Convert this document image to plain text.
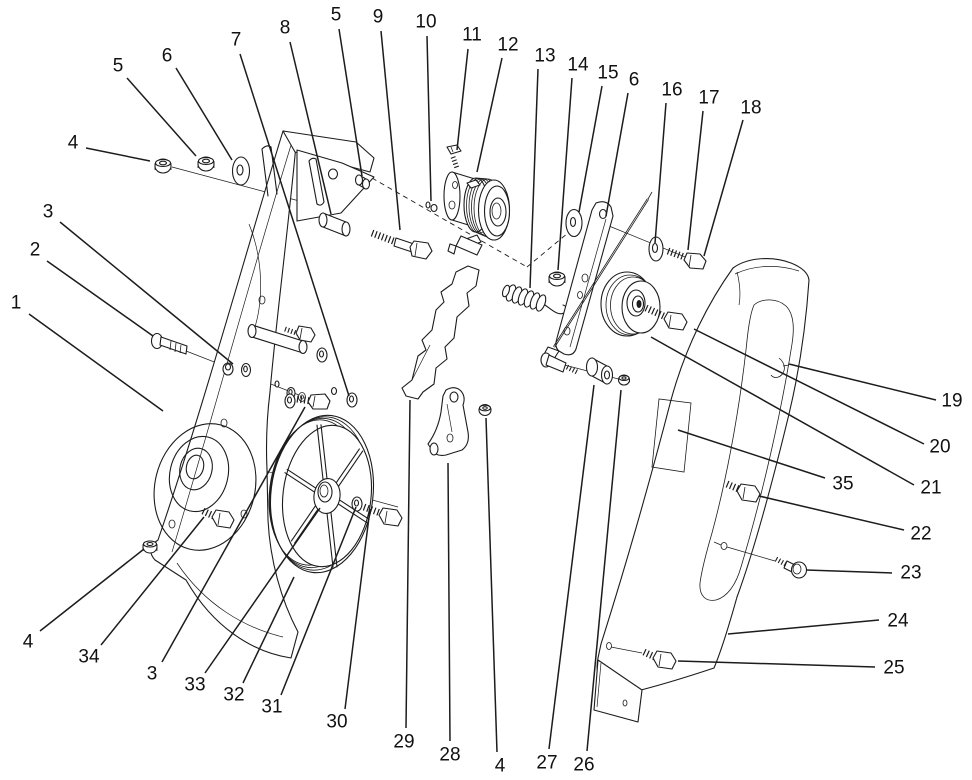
5 6
7
8
5 9 10
11 12
13 14 15 6 16 17 18
4
3
2
1
19
20
35	21
22
23
24
25
4
34
3
33 32
31
30
29
28
4 27 26
